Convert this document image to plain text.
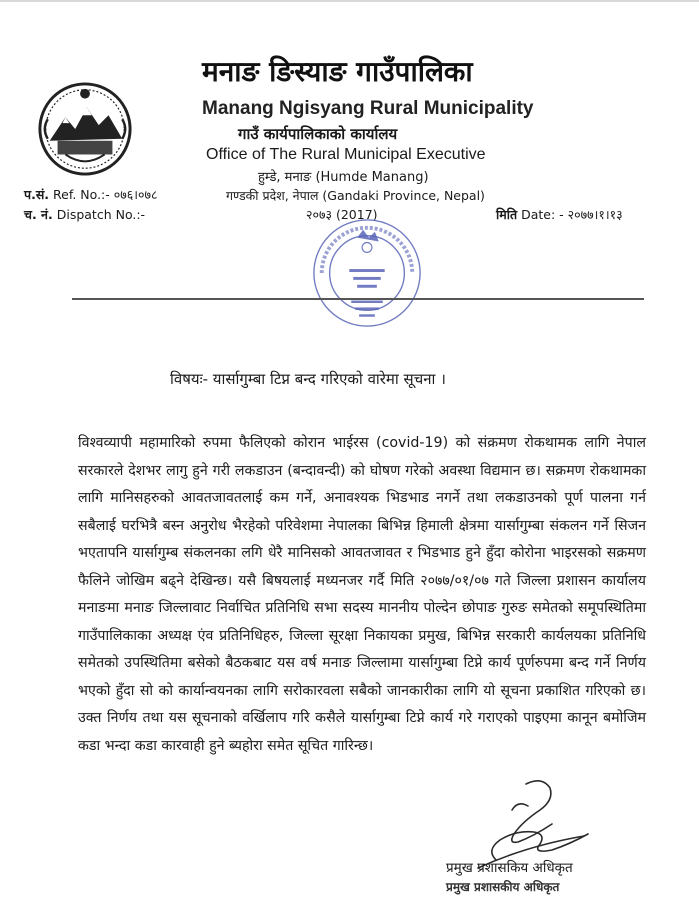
मनाङ ङिस्याङ गाउँपालिका
Manang Ngisyang Rural Municipality
गाउँ कार्यपालिकाको कार्यालय
Office of The Rural Municipal Executive
हुम्डे, मनाङ (Humde Manang)
गण्डकी प्रदेश, नेपाल (Gandaki Province, Nepal)
२०७३ (2017)
प.सं. Ref. No.:- ०७६।०७८
च. नं. Dispatch No.:-	मिति Date: - २०७७।१।१३
विषयः- यार्सागुम्बा टिप्न बन्द गरिएको वारेमा सूचना ।
विश्वव्यापी महामारिको रुपमा फैलिएको कोरान भाईरस (covid-19) को संक्रमण रोकथामक लागि नेपाल सरकारले देशभर लागु हुने गरी लकडाउन (बन्दावन्दी) को घोषण गरेको अवस्था विद्यमान छ। सक्रमण रोकथामका लागि मानिसहरुको आवतजावतलाई कम गर्ने, अनावश्यक भिडभाड नगर्ने तथा लकडाउनको पूर्ण पालना गर्न सबैलाई घरभित्रै बस्न अनुरोध भैरहेको परिवेशमा नेपालका बिभिन्न हिमाली क्षेत्रमा यार्सागुम्बा संकलन गर्ने सिजन भएतापनि यार्सागुम्ब संकलनका लगि धेरै मानिसको आवतजावत र भिडभाड हुने हुँदा कोरोना भाइरसको सक्रमण फैलिने जोखिम बढ्ने देखिन्छ। यसै बिषयलाई मध्यनजर गर्दै मिति २०७७/०१/०७ गते जिल्ला प्रशासन कार्यालय मनाङमा मनाङ जिल्लावाट निर्वाचित प्रतिनिधि सभा सदस्य माननीय पोल्देन छोपाङ गुरुङ समेतको समूपस्थितिमा गाउँपालिकाका अध्यक्ष एंव प्रतिनिधिहरु, जिल्ला सूरक्षा निकायका प्रमुख, बिभिन्न सरकारी कार्यलयका प्रतिनिधि समेतको उपस्थितिमा बसेको बैठकबाट यस वर्ष मनाङ जिल्लामा यार्सागुम्बा टिप्ने कार्य पूर्णरुपमा बन्द गर्ने निर्णय भएको हुँदा सो को कार्यान्वयनका लागि सरोकारवला सबैको जानकारीका लागि यो सूचना प्रकाशित गरिएको छ। उक्त निर्णय तथा यस सूचनाको वर्खिलाप गरि कसैले यार्सागुम्बा टिप्ने कार्य गरे गराएको पाइएमा कानून बमोजिम कडा भन्दा कडा कारवाही हुने ब्यहोरा समेत सूचित गारिन्छ।
प्रमुख प्रशासकिय अधिकृत
प्रमुख प्रशासकीय अधिकृत
